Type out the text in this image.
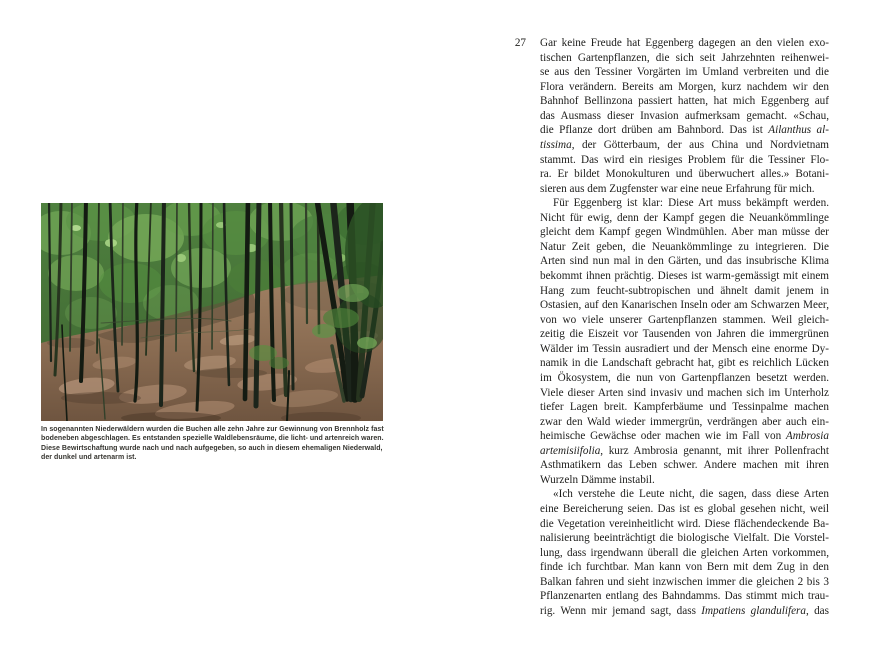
In sogenannten Niederwäldern wurden die Buchen alle zehn Jahre zur Gewinnung von Brennholz fast
bodeneben abgeschlagen. Es entstanden spezielle Waldlebensräume, die licht- und artenreich waren.
Diese Bewirtschaftung wurde nach und nach aufgegeben, so auch in diesem ehemaligen Niederwald,
der dunkel und artenarm ist.
27 Gar keine Freude hat Eggenberg dagegen an den vielen exo-
tischen Gartenpflanzen, die sich seit Jahrzehnten reihenwei-
se aus den Tessiner Vorgärten im Umland verbreiten und die
Flora verändern. Bereits am Morgen, kurz nachdem wir den
Bahnhof Bellinzona passiert hatten, hat mich Eggenberg auf
das Ausmass dieser Invasion aufmerksam gemacht. «Schau,
die Pflanze dort drüben am Bahnbord. Das ist Ailanthus al-
tissima, der Götterbaum, der aus China und Nordvietnam
stammt. Das wird ein riesiges Problem für die Tessiner Flo-
ra. Er bildet Monokulturen und überwuchert alles.» Botani-
sieren aus dem Zugfenster war eine neue Erfahrung für mich.
Für Eggenberg ist klar: Diese Art muss bekämpft werden.
Nicht für ewig, denn der Kampf gegen die Neuankömmlinge
gleicht dem Kampf gegen Windmühlen. Aber man müsse der
Natur Zeit geben, die Neuankömmlinge zu integrieren. Die
Arten sind nun mal in den Gärten, und das insubrische Klima
bekommt ihnen prächtig. Dieses ist warm-gemässigt mit einem
Hang zum feucht-subtropischen und ähnelt damit jenem in
Ostasien, auf den Kanarischen Inseln oder am Schwarzen Meer,
von wo viele unserer Gartenpflanzen stammen. Weil gleich-
zeitig die Eiszeit vor Tausenden von Jahren die immergrünen
Wälder im Tessin ausradiert und der Mensch eine enorme Dy-
namik in die Landschaft gebracht hat, gibt es reichlich Lücken
im Ökosystem, die nun von Gartenpflanzen besetzt werden.
Viele dieser Arten sind invasiv und machen sich im Unterholz
tiefer Lagen breit. Kampferbäume und Tessinpalme machen
zwar den Wald wieder immergrün, verdrängen aber auch ein-
heimische Gewächse oder machen wie im Fall von Ambrosia
artemisiifolia, kurz Ambrosia genannt, mit ihrer Pollenfracht
Asthmatikern das Leben schwer. Andere machen mit ihren
Wurzeln Dämme instabil.
«Ich verstehe die Leute nicht, die sagen, dass diese Arten
eine Bereicherung seien. Das ist es global gesehen nicht, weil
die Vegetation vereinheitlicht wird. Diese flächendeckende Ba-
nalisierung beeinträchtigt die biologische Vielfalt. Die Vorstel-
lung, dass irgendwann überall die gleichen Arten vorkommen,
finde ich furchtbar. Man kann von Bern mit dem Zug in den
Balkan fahren und sieht inzwischen immer die gleichen 2 bis 3
Pflanzenarten entlang des Bahndamms. Das stimmt mich trau-
rig. Wenn mir jemand sagt, dass Impatiens glandulifera, das
